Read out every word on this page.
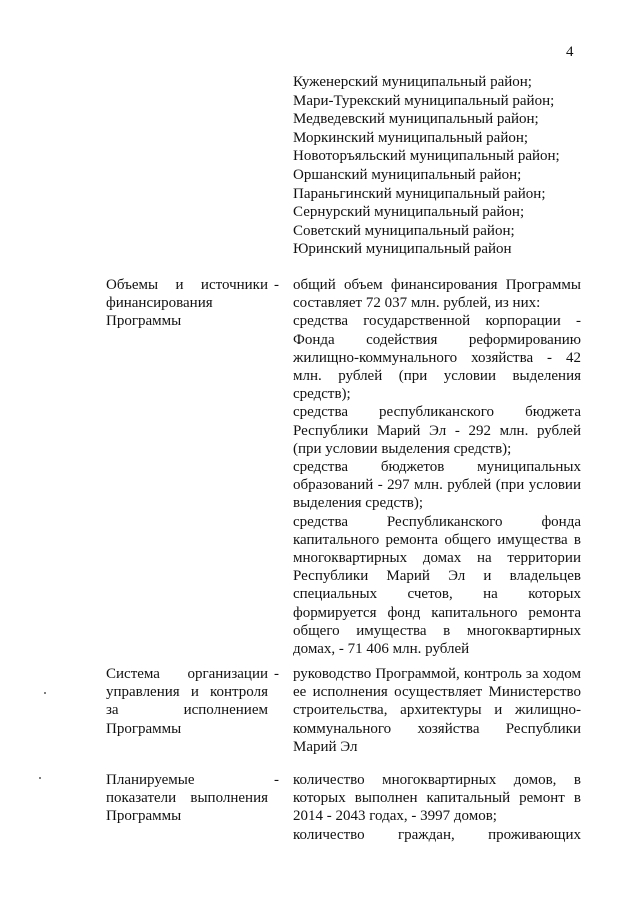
4
Куженерский муниципальный район;
Мари-Турекский муниципальный район;
Медведевский муниципальный район;
Моркинский муниципальный район;
Новоторъяльский муниципальный район;
Оршанский муниципальный район;
Параньгинский муниципальный район;
Сернурский муниципальный район;
Советский муниципальный район;
Юринский муниципальный район
Объемы и источники финансирования Программы
- общий объем финансирования Программы составляет 72 037 млн. рублей, из них:
средства государственной корпорации - Фонда содействия реформированию жилищно-коммунального хозяйства - 42 млн. рублей (при условии выделения средств);
средства республиканского бюджета Республики Марий Эл - 292 млн. рублей (при условии выделения средств);
средства бюджетов муниципальных образований - 297 млн. рублей (при условии выделения средств);
средства Республиканского фонда капитального ремонта общего имущества в многоквартирных домах на территории Республики Марий Эл и владельцев специальных счетов, на которых формируется фонд капитального ремонта общего имущества в многоквартирных домах, - 71 406 млн. рублей
Система организации управления и контроля за исполнением Программы
- руководство Программой, контроль за ходом ее исполнения осуществляет Министерство строительства, архитектуры и жилищно-коммунального хозяйства Республики Марий Эл
Планируемые показатели выполнения Программы
- количество многоквартирных домов, в которых выполнен капитальный ремонт в 2014 - 2043 годах, - 3997 домов;
количество граждан, проживающих
